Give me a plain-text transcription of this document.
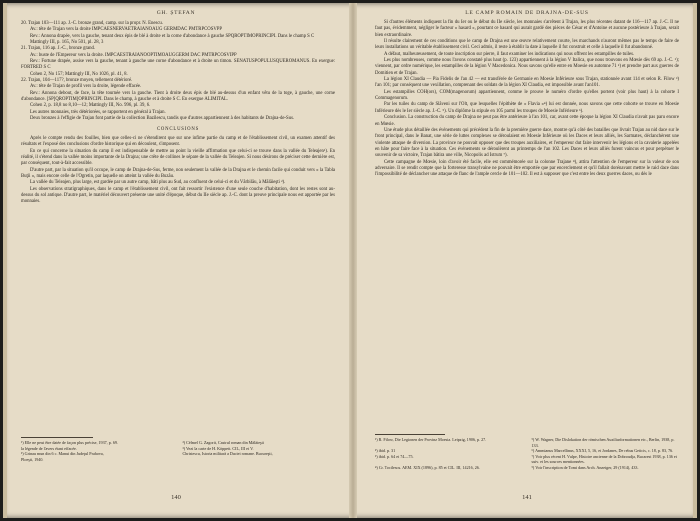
GH. ȘTEFAN

20. Trajan 103—111 ap. J.-C. bronze grand, camp. sur la propr. N. Enescu.

Av.: tête de Trajan vers la droite IMPCAESNERVAETRAIANOAUG GERMDAC PMTRPCOSVPP

Rev.: Annona drapée, vers la gauche, tenant deux épis de blé à droite et la corne d'abondance à gauche SPQROPTIMOPRINCIPI. Dans le champ S C

Mattingly III, p. 165, No 501, pl. 28, 3

21. Trajan, 116 ap. J.-C., bronze grand.

Av.: buste de l'Empereur vers la droite. IMPCAESTRAIANOOPTIMOAUGGERM DAC PMTRPCOSVIPP

Rev.: Fortune drapée, assise vers la gauche, tenant à gauche une corne d'abondance et à droite un timon. SENATUSPOPULUSQUEROMANUS. En exergue: FORTRED S C

Cohen 2, No 157; Mattingly III, No 1026, pl. 41, 8.

22. Trajan, 104—117?, bronze moyen, tellement détérioré.

Av.: tête de Trajan de profil vers la droite, légende effacée.

Rev.: Annona debout, de face, la tête tournée vers la gauche. Tient à droite deux épis de blé au-dessus d'un enfant vêtu de la toge, à gauche, une corne d'abondance. [SP]QROPTIM[OPRINCIPI. Dans le champ, à gauche et à droite S C. En exergue ALIMITAL.

Cohen 2, p. 18,8 no 8,10—12; Mattingly III, No. 996, pl. 39, 6.

Les autres monnaies, très détériorées, se rapportent en général à Trajan.

Deux bronzes à l'effigie de Trajan font partie de la collection Bazilescu, tandis que d'autres appartiennent à des habitants de Drajna-de-Sus.

CONCLUSIONS

Après le compte rendu des fouilles, bien que celles-ci ne s'étendirent que sur une infime partie du camp et de l'établissement civil, un examen attentif des résultats et l'exposé des conclusions d'ordre historique qui en découlent, s'imposent.

En ce qui concerne la situation du camp il est indispensable de mettre au point la vieille affirmation que celui-ci se trouve dans la vallée du Teleajen¹). En réalité, il s'étend dans la vallée moins importante de la Drajna; une crête de collines le sépare de la vallée du Teleajen. Si nous désirons de préciser cette dernière est, par conséquent, tout-à-fait accessible.

D'autre part, par la situation qu'il occupe, le camp de Drajna-de-Sus, ferme, non seulement la vallée de la Drajna et le chemin facile qui conduit vers « la Tabla Buţii », mais encore celle de l'Ogretin, par laquelle on atteint la vallée du Buzău.

La vallée du Teleajen, plus large, est gardée par un autre camp, bâti plus au Sud, au confluent de celui-ci et du Vărbilău, à Mălăieşti ²).

Les observations stratigraphiques, dans le camp et l'établissement civil, ont fait ressortir l'existence d'une seule couche d'habitation, dont les restes sont au-dessus du sol antique. D'autre part, le matériel découvert présente une unité d'époque, début du IIe siècle ap. J.-C. dont la preuve principale nous est apportée par les monnaies.

¹) Elle ne peut être datée de façon plus précise, 1937, p. 69.	²) Cèlmel G. Zagorit, Castrul roman din Mălăieşti

la légende de l'avers étant effacée.	³) Vezi la carte de H. Köppett. CIL, III et V.

³) Grinau mun din 6 c. Manui din Judeţul Prahova,	Christescu, Istoria militară a Daciei romane. Bucureşti,

Ploeşti, 1940.

140
LE CAMP ROMAIN DE DRAJNA-DE-SUS

Si d'autres éléments indiquent la fin du Ier ou le début du IIe siècle, les monnaies s'arrêtent à Trajan, les plus récentes datant de 116—117 ap. J.-C. Il ne faut pas, évidemment, négliger le facteur « hasard », pourtant ce hasard qui aurait gardé des pièces de César et d'Antoine et aucune postérieure à Trajan, serait bien extraordinaire.

Il résulte clairement de ces conditions que le camp de Drajna est une œuvre relativement courte, les marchands n'auront mêmes pas le temps de faire de leurs installations un véritable établissement civil. Ceci admis, il reste à établir la date à laquelle il fut construit et celle à laquelle il fut abandonné.

A défaut, malheureusement, de toute inscription sur pierre, il faut examiner les indications qui nous offrent les estampilles de tuiles.

Les plus nombreuses, comme nous l'avons constaté plus haut (p. 123) appartiennent à la légion V Italica, que nous trouvons en Mœsie dès 69 ap. J.-C. ¹); viennent, par ordre numérique, les estampilles de la légion V Macedonica. Nous savons qu'elle entre en Moesie en automne 71 ²) et prendre part aux guerres de Domitien et de Trajan.

La légion XI Claudia — Pia Fidelis de l'an 42 — est transférée de Germanie en Moesie Inférieure sous Trajan, stationnée avant 114 et selon R. Filow ³) l'an 101; par conséquent une vexillation, comprenant des soldats de la légion XI Claudia, est impossible avant l'an101.

Les estampilles COH(ors), COM(magenorum) appartiennent, comme le prouve le numéro d'ordre qu'elles portent (voir plus haut) à la cohorte I Commagenorum.

Par les tuiles du camp de Slăveni sur l'Olt, que lesquelles l'épithète de « Flavia »⁴) lui est donnée, nous savons que cette cohorte se trouve en Moesie Inférieure dès le Ier siècle ap. J.-C. ⁵). Un diplôme la stipule en 105 parmi les troupes de Moesie Inférieure ⁶).

Conclusion. La construction du camp de Drajna ne peut pas être antérieure à l'an 101, car, avant cette époque la légion XI Claudia n'avait pas paru encore en Mœsie.

Une étude plus détaillée des événements qui précédent la fin de la première guerre dace, montre qu'à côté des batailles que livrait Trajan au nid dace sur le front principal, dans le Banat, une série de luttes complexes se déroulaient en Moesie Inférieure où les Daces et leurs alliés, les Sarmates, déclanchèrent une violente attaque de diversion. La province ne pouvait opposer que des troupes auxiliaires, et l'empereur dut faire intervenir les légions et la cavalerie appelées en hâte pour faire face à la situation. Ces événements se déroulèrent au printemps de l'an 102. Les Daces et leurs alliés furent vaincus et pour perpétuer le souvenir de sa victoire, Trajan bâtira une ville, Nicopolis ad Istrum ⁷).

Cette campagne de Mœsie, loin d'avoir été facile, elle est commémorée sur la colonne Trajane ⁸), attira l'attention de l'empereur sur la valeur de son adversaire. Il se rendit compte que la forteresse transylvaine ne pouvait être emportée que par encerclement et qu'il fallait dorénavant mettre le raid dace dans l'impossibilité de déclancher une attaque de flanc de l'ample cercle de 101—102. Il est à supposer que c'est entre les deux guerres daces, ou dès le

¹) R. Filow, Die Legionen der Provinz Moesia. Leipzig, 1906, p. 27.	⁵) W. Wagner, Die Dislokation der römischen Auxiliarformationen etc., Berlin, 1938, p. 133.

²) ibid. p. 31	⁶) Ammianus Marcellinus, XXXI, 5, 16, et Jordanes, De rebus Geticis, c. 18, p. 83, 76.

³) ibid. p. 64 et 74—75.	⁷) Voir plus récent H. Vulpe, Histoire ancienne de la Dobroudja, Bucarest 1938, p. 136 et suiv. et les sources mentionnées.

⁴) Cr. Tocilescu. AEM. XIX (1896), p. 85 et CIL. III, 14216, 26.	⁵) Voir l'inscription de Tomi dans Arch. Anzeiger, 29 (1914), 433.

141
